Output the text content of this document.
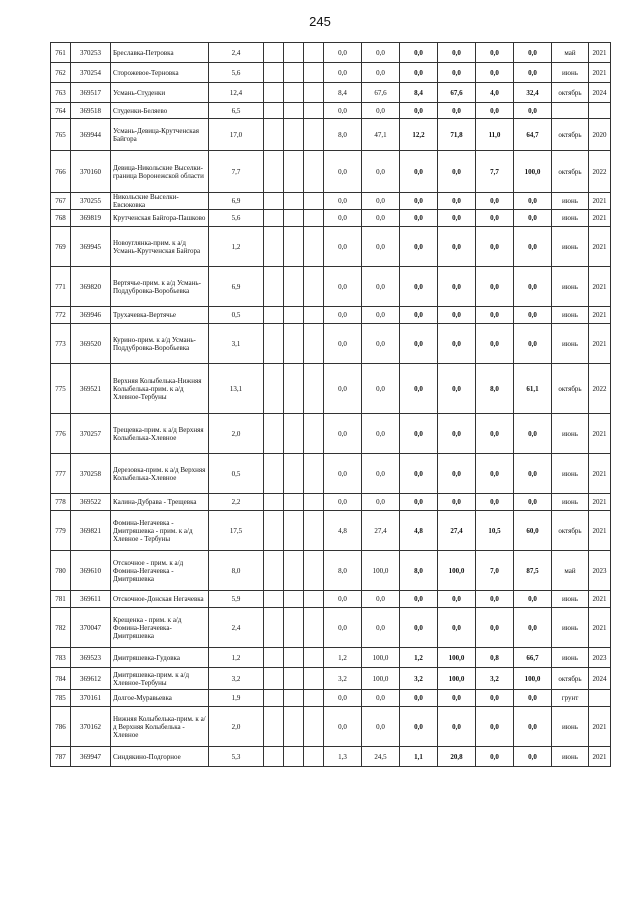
245
761	370253	Бреславка-Петровка	2,4				0,0	0,0	0,0	0,0	0,0	0,0	май	2021
762	370254	Сторожевое-Терновка	5,6				0,0	0,0	0,0	0,0	0,0	0,0	июнь	2021
763	369517	Усмань-Студенки	12,4				8,4	67,6	8,4	67,6	4,0	32,4	октябрь	2024
764	369518	Студенки-Беляево	6,5				0,0	0,0	0,0	0,0	0,0	0,0		
765	369944	Усмань-Девица-Крутченская Байгора	17,0				8,0	47,1	12,2	71,8	11,0	64,7	октябрь	2020
766	370160	Девица-Никольские Выселки-граница Воронежской области	7,7				0,0	0,0	0,0	0,0	7,7	100,0	октябрь	2022
767	370255	Никольские Выселки-Евсюковка	6,9				0,0	0,0	0,0	0,0	0,0	0,0	июнь	2021
768	369819	Крутченская Байгора-Пашково	5,6				0,0	0,0	0,0	0,0	0,0	0,0	июнь	2021
769	369945	Новоуглянка-прим. к а/д Усмань-Крутченская Байгора	1,2				0,0	0,0	0,0	0,0	0,0	0,0	июнь	2021
771	369820	Вертячье-прим. к а/д Усмань-Поддубровка-Воробьевка	6,9				0,0	0,0	0,0	0,0	0,0	0,0	июнь	2021
772	369946	Трухачевка-Вертячье	0,5				0,0	0,0	0,0	0,0	0,0	0,0	июнь	2021
773	369520	Курино-прим. к а/д Усмань-Поддубровка-Воробьевка	3,1				0,0	0,0	0,0	0,0	0,0	0,0	июнь	2021
775	369521	Верхняя Колыбелька-Нижняя Колыбелька-прим. к а/д Хлевное-Тербуны	13,1				0,0	0,0	0,0	0,0	8,0	61,1	октябрь	2022
776	370257	Трещевка-прим. к а/д Верхняя Колыбелька-Хлевное	2,0				0,0	0,0	0,0	0,0	0,0	0,0	июнь	2021
777	370258	Дерезовка-прим. к а/д Верхняя Колыбелька-Хлевное	0,5				0,0	0,0	0,0	0,0	0,0	0,0	июнь	2021
778	369522	Калина-Дубрава - Трещевка	2,2				0,0	0,0	0,0	0,0	0,0	0,0	июнь	2021
779	369821	Фомина-Негачевка - Дмитряшевка - прим. к а/д Хлевное - Тербуны	17,5				4,8	27,4	4,8	27,4	10,5	60,0	октябрь	2021
780	369610	Отскочное - прим. к а/д Фомина-Негачевка - Дмитряшевка	8,0				8,0	100,0	8,0	100,0	7,0	87,5	май	2023
781	369611	Отскочное-Донская Негачевка	5,9				0,0	0,0	0,0	0,0	0,0	0,0	июнь	2021
782	370047	Крещенка - прим. к а/д Фомина-Негачевка-Дмитряшевка	2,4				0,0	0,0	0,0	0,0	0,0	0,0	июнь	2021
783	369523	Дмитряшевка-Гудовка	1,2				1,2	100,0	1,2	100,0	0,8	66,7	июнь	2023
784	369612	Дмитряшевка-прим. к а/д Хлевное-Тербуны	3,2				3,2	100,0	3,2	100,0	3,2	100,0	октябрь	2024
785	370161	Долгое-Муравьевка	1,9				0,0	0,0	0,0	0,0	0,0	0,0	грунт	
786	370162	Нижняя Колыбелька-прим. к а/д Верхняя Колыбелька - Хлевное	2,0				0,0	0,0	0,0	0,0	0,0	0,0	июнь	2021
787	369947	Синдякино-Подгорное	5,3				1,3	24,5	1,1	20,8	0,0	0,0	июнь	2021
